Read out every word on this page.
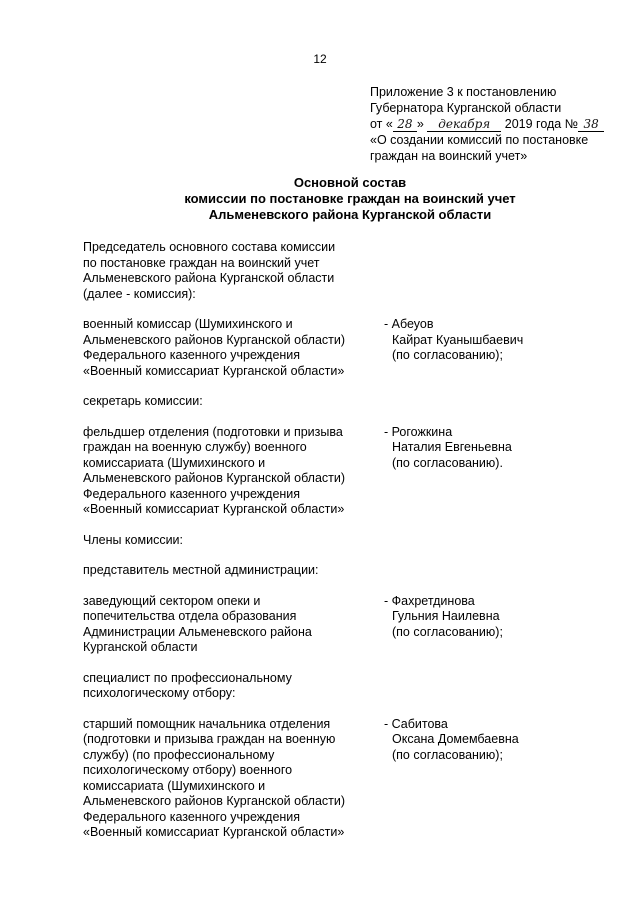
12
Приложение 3 к постановлению
Губернатора Курганской области
от « 28 » декабря 2019 года № 38
«О создании комиссий по постановке
граждан на воинский учет»
Основной состав
комиссии по постановке граждан на воинский учет
Альменевского района Курганской области
Председатель основного состава комиссии
по постановке граждан на воинский учет
Альменевского района Курганской области
(далее - комиссия):
военный комиссар (Шумихинского и
Альменевского районов Курганской области)
Федерального казенного учреждения
«Военный комиссариат Курганской области»
- Абеуов
Кайрат Куанышбаевич
(по согласованию);
секретарь комиссии:
фельдшер отделения (подготовки и призыва
граждан на военную службу) военного
комиссариата (Шумихинского и
Альменевского районов Курганской области)
Федерального казенного учреждения
«Военный комиссариат Курганской области»
- Рогожкина
Наталия Евгеньевна
(по согласованию).
Члены комиссии:
представитель местной администрации:
заведующий сектором опеки и
попечительства отдела образования
Администрации Альменевского района
Курганской области
- Фахретдинова
Гульния Наилевна
(по согласованию);
специалист по профессиональному
психологическому отбору:
старший помощник начальника отделения
(подготовки и призыва граждан на военную
службу) (по профессиональному
психологическому отбору) военного
комиссариата (Шумихинского и
Альменевского районов Курганской области)
Федерального казенного учреждения
«Военный комиссариат Курганской области»
- Сабитова
Оксана Домембаевна
(по согласованию);
